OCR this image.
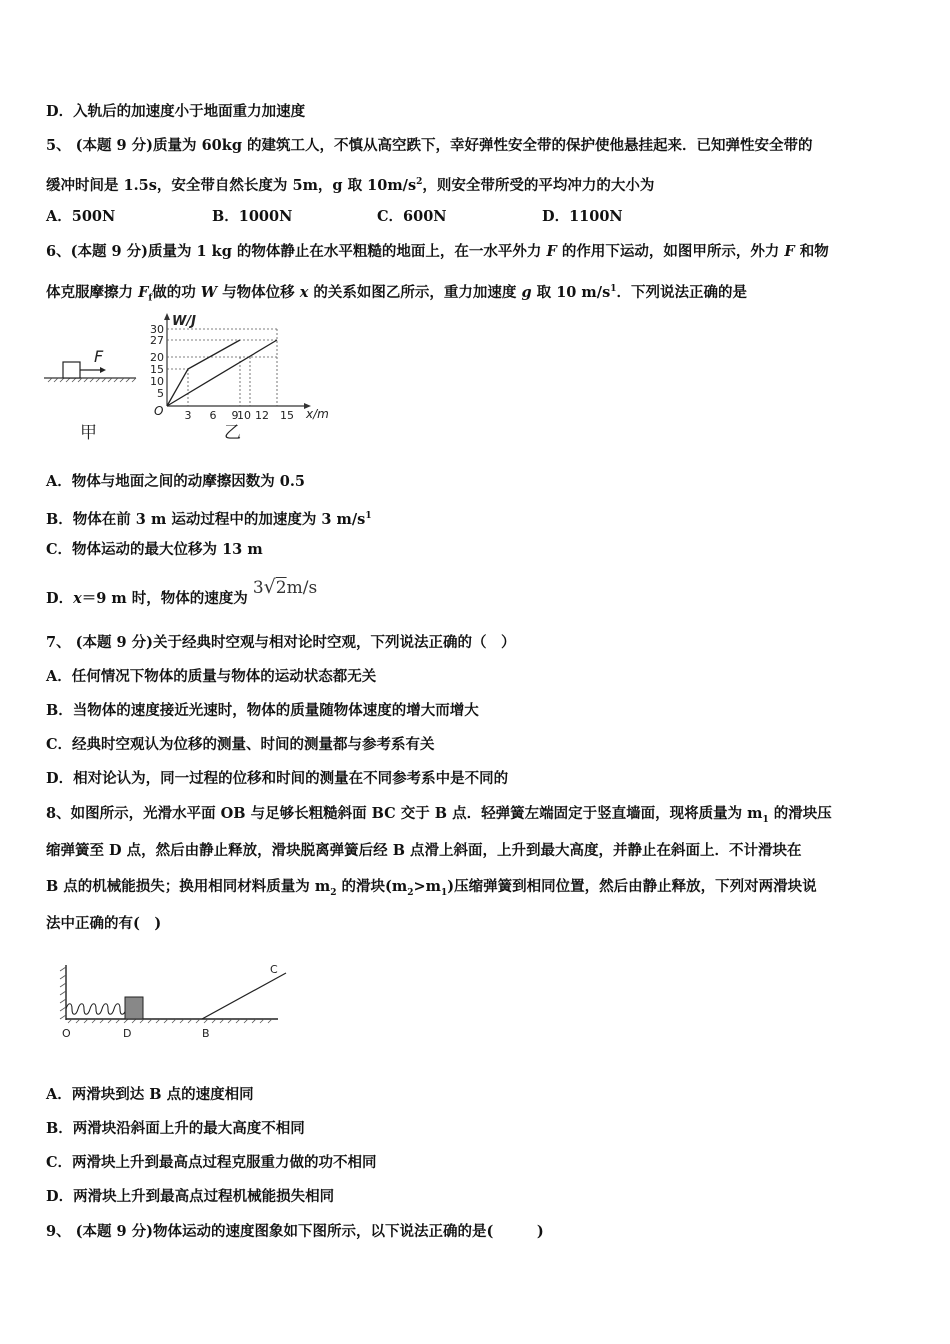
D．入轨后的加速度小于地面重力加速度
5、 (本题 9 分)质量为 60kg 的建筑工人，不慎从高空跌下，幸好弹性安全带的保护使他悬挂起来．已知弹性安全带的
缓冲时间是 1.5s，安全带自然长度为 5m，g 取 $10m/s^2$，则安全带所受的平均冲力的大小为
A．500N	B．1000N	C．600N	D．1100N
6、(本题 9 分)质量为 1 kg 的物体静止在水平粗糙的地面上，在一水平外力 F 的作用下运动，如图甲所示，外力 F 和物
体克服摩擦力 $F_f$做的功 W 与物体位移 x 的关系如图乙所示，重力加速度 g 取 10 $m/s^1$．下列说法正确的是
F
甲
W/J
x/m
O
30
27
20
15
10
5
3 6 9
10 12 15
乙
A．物体与地面之间的动摩擦因数为 0.5
B．物体在前 3 m 运动过程中的加速度为 3 $m/s^1$
C．物体运动的最大位移为 13 m
D．x＝9 m 时，物体的速度为 3√2m/s
7、 (本题 9 分)关于经典时空观与相对论时空观，下列说法正确的（　）
A．任何情况下物体的质量与物体的运动状态都无关
B．当物体的速度接近光速时，物体的质量随物体速度的增大而增大
C．经典时空观认为位移的测量、时间的测量都与参考系有关
D．相对论认为，同一过程的位移和时间的测量在不同参考系中是不同的
8、如图所示，光滑水平面 OB 与足够长粗糙斜面 BC 交于 B 点．轻弹簧左端固定于竖直墙面，现将质量为 $m_1$ 的滑块压
缩弹簧至 D 点，然后由静止释放，滑块脱离弹簧后经 B 点滑上斜面，上升到最大高度，并静止在斜面上．不计滑块在
B 点的机械能损失；换用相同材料质量为 $m_2$ 的滑块$(m_2>m_1)$压缩弹簧到相同位置，然后由静止释放，下列对两滑块说
法中正确的有(　)
O	D	B
C
A．两滑块到达 B 点的速度相同
B．两滑块沿斜面上升的最大高度不相同
C．两滑块上升到最高点过程克服重力做的功不相同
D．两滑块上升到最高点过程机械能损失相同
9、 (本题 9 分)物体运动的速度图象如下图所示，以下说法正确的是(　　　)
